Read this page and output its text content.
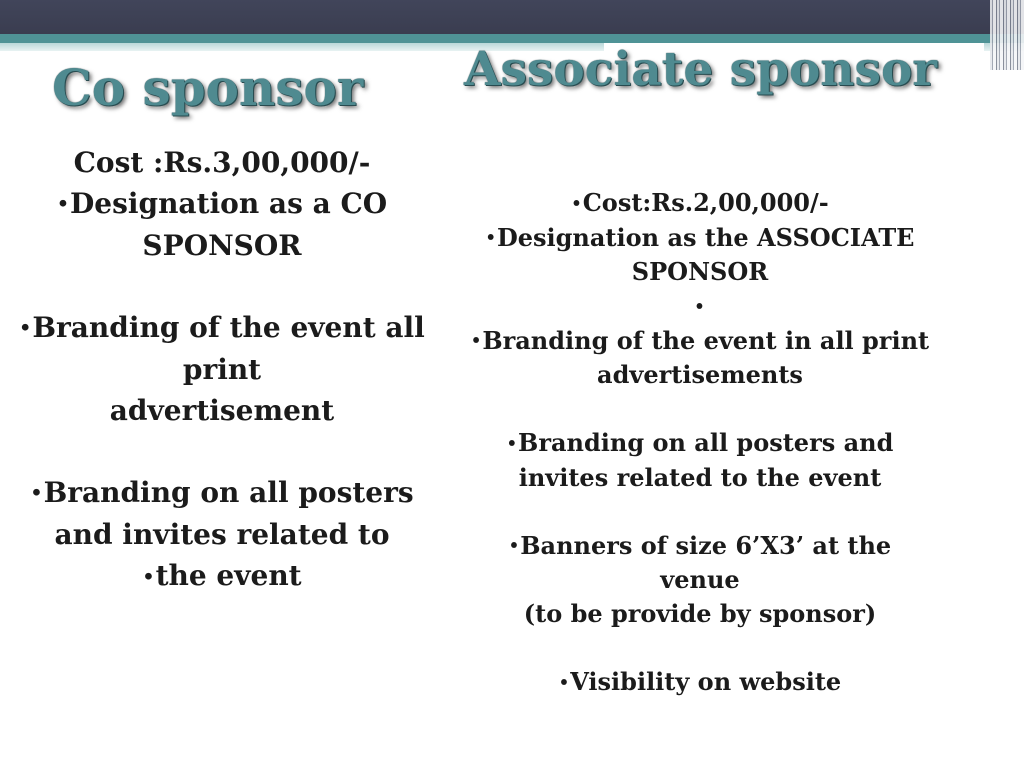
Co sponsor Associate sponsor
Cost :Rs.3,00,000/-
•Designation as a CO
SPONSOR
•Branding of the event all
print
advertisement
•Branding on all posters
and invites related to
•the event
•Cost:Rs.2,00,000/-
•Designation as the ASSOCIATE
SPONSOR
•
•Branding of the event in all print
advertisements
•Branding on all posters and
invites related to the event
•Banners of size 6’X3’ at the
venue
(to be provide by sponsor)
•Visibility on website
